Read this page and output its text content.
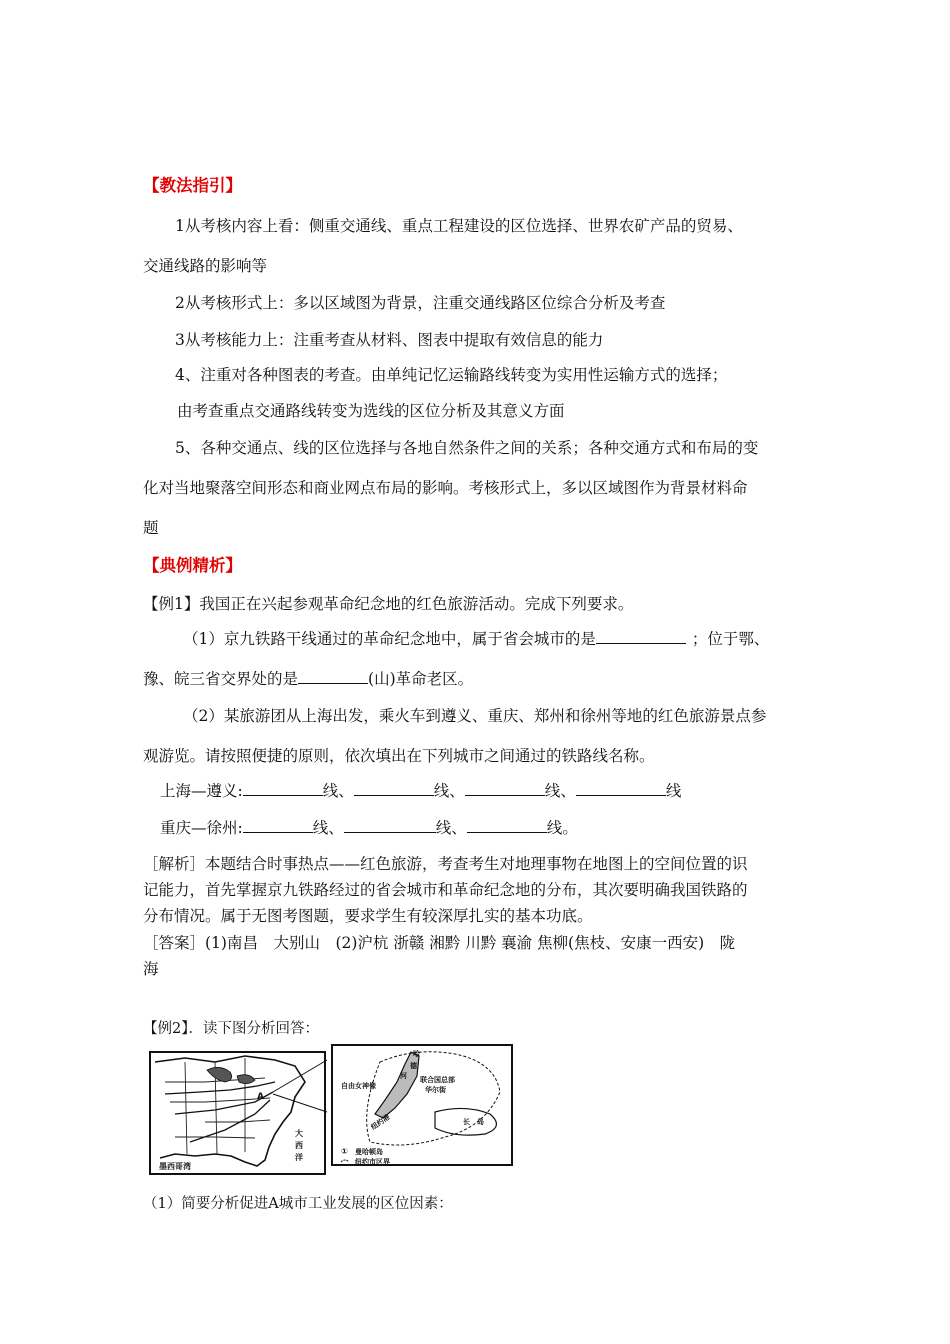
【教法指引】
1从考核内容上看：侧重交通线、重点工程建设的区位选择、世界农矿产品的贸易、
交通线路的影响等
2从考核形式上：多以区域图为背景，注重交通线路区位综合分析及考查
3从考核能力上：注重考查从材料、图表中提取有效信息的能力
4、注重对各种图表的考查。由单纯记忆运输路线转变为实用性运输方式的选择；
由考查重点交通路线转变为选线的区位分析及其意义方面
5、各种交通点、线的区位选择与各地自然条件之间的关系；各种交通方式和布局的变
化对当地聚落空间形态和商业网点布局的影响。考核形式上，多以区域图作为背景材料命
题
【典例精析】
【例1】我国正在兴起参观革命纪念地的红色旅游活动。完成下列要求。
（1）京九铁路干线通过的革命纪念地中，属于省会城市的是	；位于鄂、
豫、皖三省交界处的是	(山)革命老区。
（2）某旅游团从上海出发，乘火车到遵义、重庆、郑州和徐州等地的红色旅游景点参
观游览。请按照便捷的原则，依次填出在下列城市之间通过的铁路线名称。
上海—遵义:	线、	线、	线、	线
重庆—徐州:	线、	线、	线。
［解析］本题结合时事热点——红色旅游，考查考生对地理事物在地图上的空间位置的识
记能力，首先掌握京九铁路经过的省会城市和革命纪念地的分布，其次要明确我国铁路的
分布情况。属于无图考图题，要求学生有较深厚扎实的基本功底。
［答案］(1)南昌　大别山　(2)沪杭 浙赣 湘黔 川黔 襄渝 焦柳(焦枝、安康一西安)　陇
海
【例2】．读下图分析回答：
A
大
西
洋
墨西哥湾
哈
德
河
自由女神像
联合国总部
华尔街
长　岛
纽约港
① 曼哈顿岛
纽约市区界
（1）简要分析促进A城市工业发展的区位因素：
